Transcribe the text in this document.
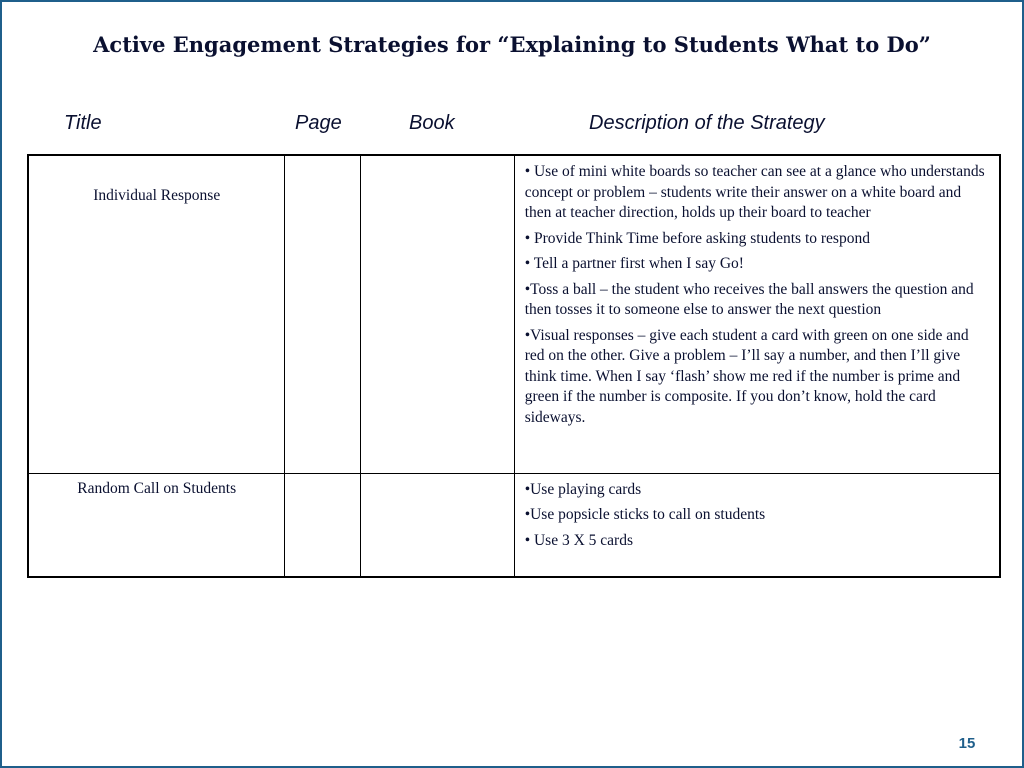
Active Engagement Strategies for “Explaining to Students What to Do”

Title	Page	Book	Description of the Strategy

Individual Response			• Use of mini white boards so teacher can see at a glance who understands concept or problem – students write their answer on a white board and then at teacher direction, holds up their board to teacher

• Provide Think Time before asking students to respond

• Tell a partner first when I say Go!

•Toss a ball – the student who receives the ball answers the question and then tosses it to someone else to answer the next question

•Visual responses – give each student a card with green on one side and red on the other. Give a problem – I’ll say a number, and then I’ll give think time. When I say ‘flash’ show me red if the number is prime and green if the number is composite. If you don’t know, hold the card sideways.

Random Call on Students			•Use playing cards

•Use popsicle sticks to call on students

• Use 3 X 5 cards

15
